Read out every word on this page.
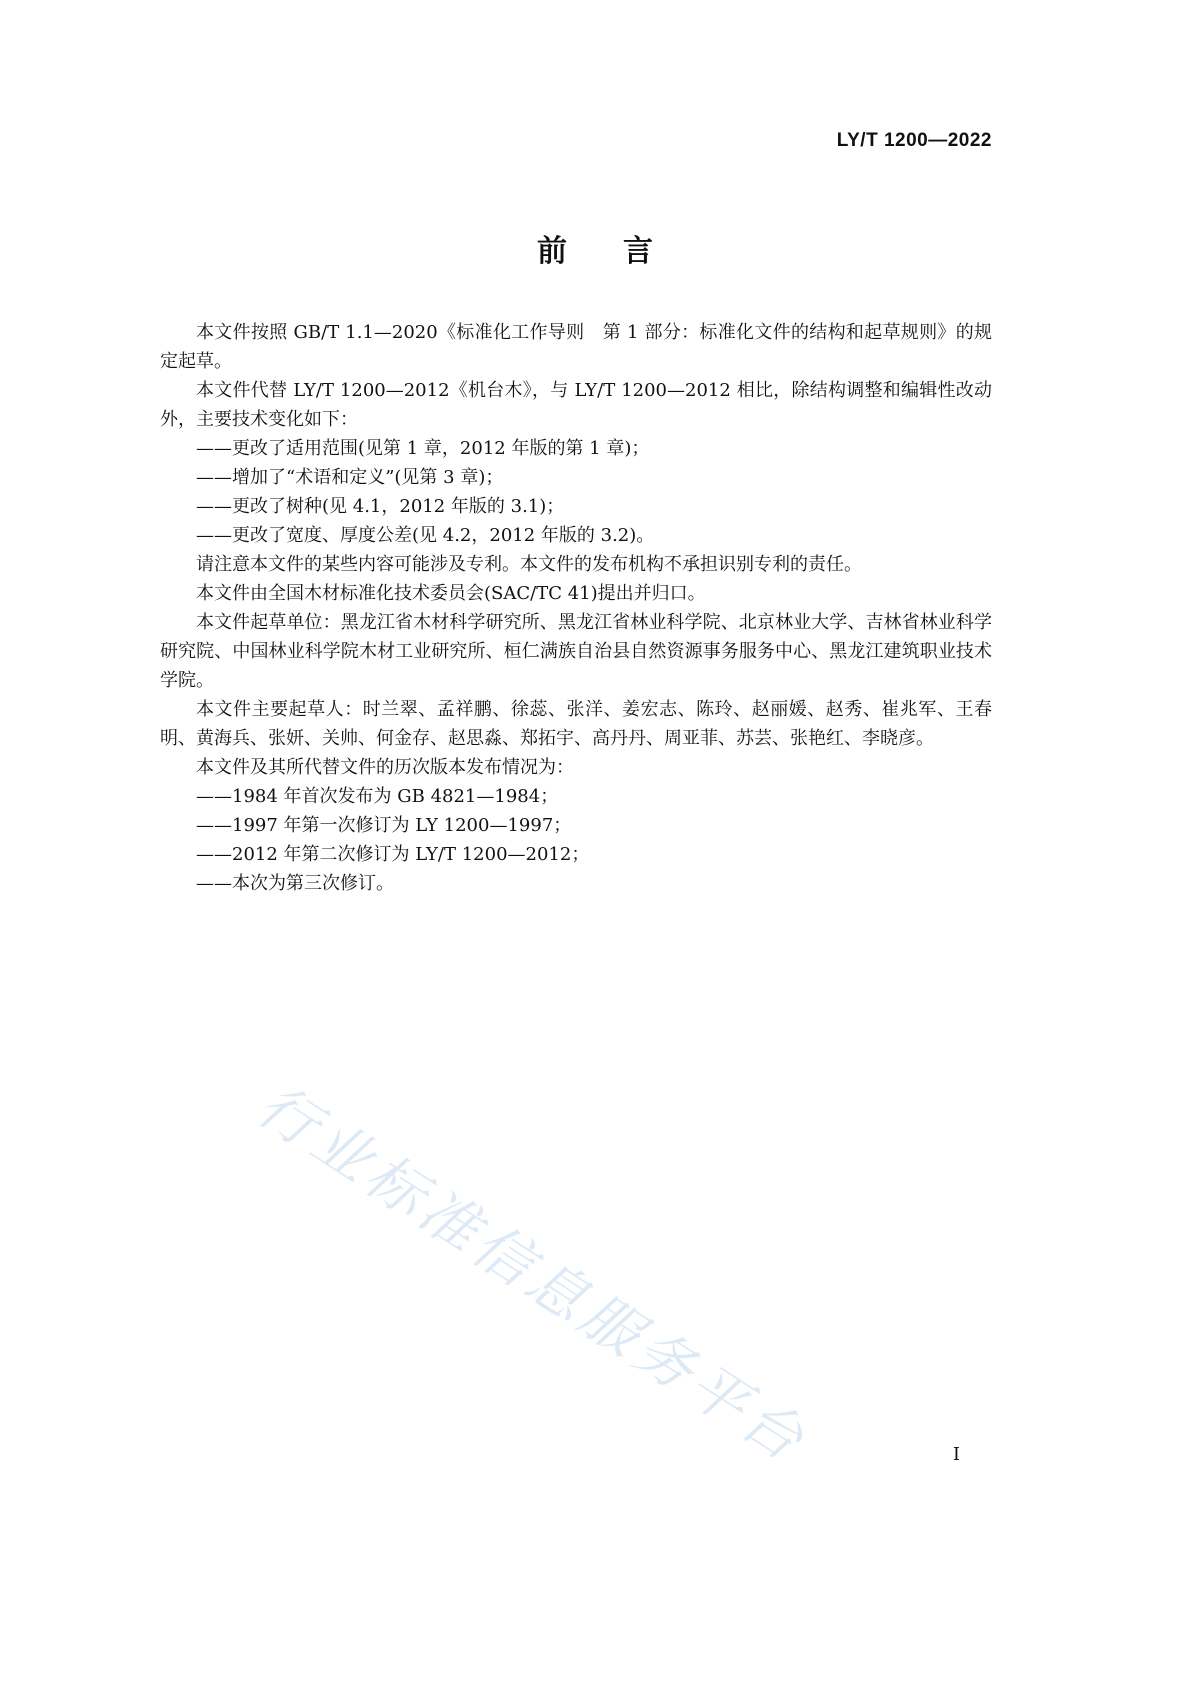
LY/T 1200—2022
前言

本文件按照 GB/T 1.1—2020《标准化工作导则　第 1 部分：标准化文件的结构和起草规则》的规定起草。

本文件代替 LY/T 1200—2012《机台木》，与 LY/T 1200—2012 相比，除结构调整和编辑性改动外，主要技术变化如下：

——更改了适用范围(见第 1 章，2012 年版的第 1 章)；

——增加了“术语和定义”(见第 3 章)；

——更改了树种(见 4.1，2012 年版的 3.1)；

——更改了宽度、厚度公差(见 4.2，2012 年版的 3.2)。

请注意本文件的某些内容可能涉及专利。本文件的发布机构不承担识别专利的责任。

本文件由全国木材标准化技术委员会(SAC/TC 41)提出并归口。

本文件起草单位：黑龙江省木材科学研究所、黑龙江省林业科学院、北京林业大学、吉林省林业科学研究院、中国林业科学院木材工业研究所、桓仁满族自治县自然资源事务服务中心、黑龙江建筑职业技术学院。

本文件主要起草人：时兰翠、孟祥鹏、徐蕊、张洋、姜宏志、陈玲、赵丽媛、赵秀、崔兆军、王春明、黄海兵、张妍、关帅、何金存、赵思淼、郑拓宇、高丹丹、周亚菲、苏芸、张艳红、李晓彦。

本文件及其所代替文件的历次版本发布情况为：

——1984 年首次发布为 GB 4821—1984；

——1997 年第一次修订为 LY 1200—1997；

——2012 年第二次修订为 LY/T 1200—2012；

——本次为第三次修订。

行业标准信息服务平台	I
